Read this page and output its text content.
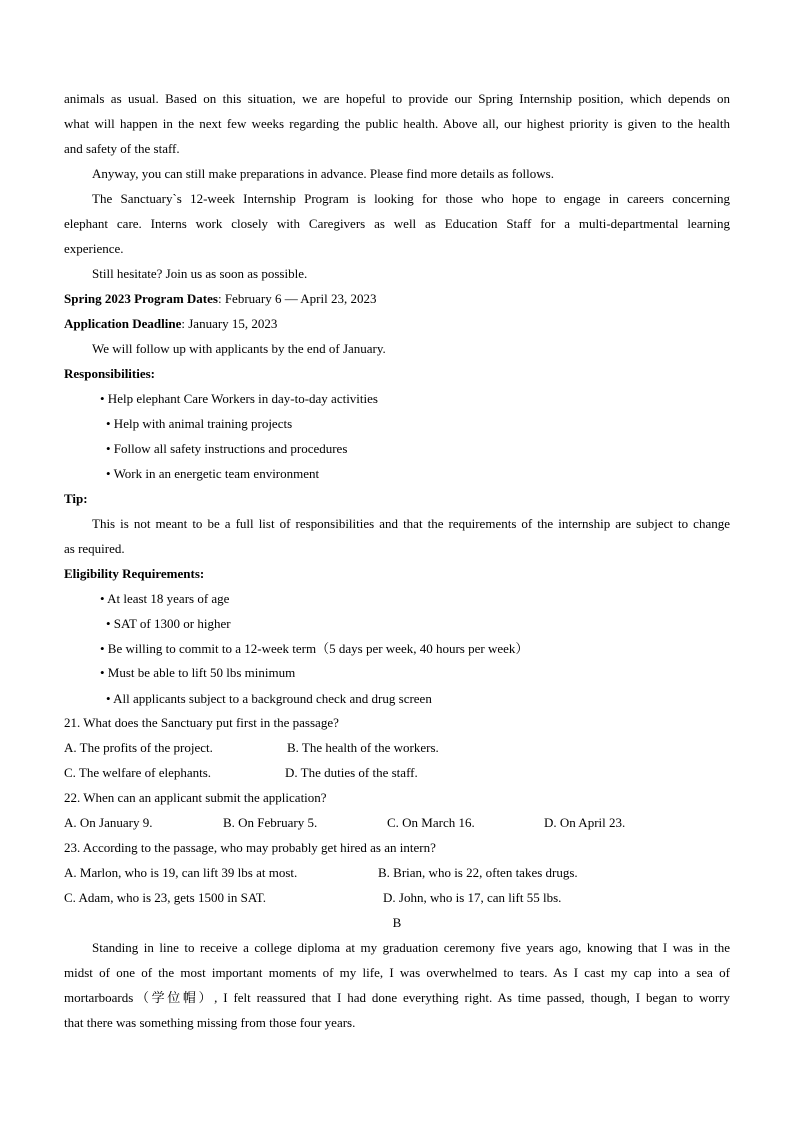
animals as usual. Based on this situation, we are hopeful to provide our Spring Internship position, which depends on
what will happen in the next few weeks regarding the public health. Above all, our highest priority is given to the health
and safety of the staff.
Anyway, you can still make preparations in advance. Please find more details as follows.
The Sanctuary`s 12-week Internship Program is looking for those who hope to engage in careers concerning
elephant care. Interns work closely with Caregivers as well as Education Staff for a multi-departmental learning
experience.
Still hesitate? Join us as soon as possible.
Spring 2023 Program Dates: February 6 — April 23, 2023
Application Deadline: January 15, 2023
We will follow up with applicants by the end of January.
Responsibilities:
• Help elephant Care Workers in day-to-day activities
• Help with animal training projects
• Follow all safety instructions and procedures
• Work in an energetic team environment
Tip:
This is not meant to be a full list of responsibilities and that the requirements of the internship are subject to change
as required.
Eligibility Requirements:
• At least 18 years of age
• SAT of 1300 or higher
• Be willing to commit to a 12-week term（5 days per week, 40 hours per week）
• Must be able to lift 50 lbs minimum
• All applicants subject to a background check and drug screen
21. What does the Sanctuary put first in the passage?
A. The profits of the project.	B. The health of the workers.
C. The welfare of elephants.	D. The duties of the staff.
22. When can an applicant submit the application?
A. On January 9.	B. On February 5.	C. On March 16.	D. On April 23.
23. According to the passage, who may probably get hired as an intern?
A. Marlon, who is 19, can lift 39 lbs at most.	B. Brian, who is 22, often takes drugs.
C. Adam, who is 23, gets 1500 in SAT.	D. John, who is 17, can lift 55 lbs.
B
Standing in line to receive a college diploma at my graduation ceremony five years ago, knowing that I was in the
midst of one of the most important moments of my life, I was overwhelmed to tears. As I cast my cap into a sea of
mortarboards（学位帽）, I felt reassured that I had done everything right. As time passed, though, I began to worry
that there was something missing from those four years.
